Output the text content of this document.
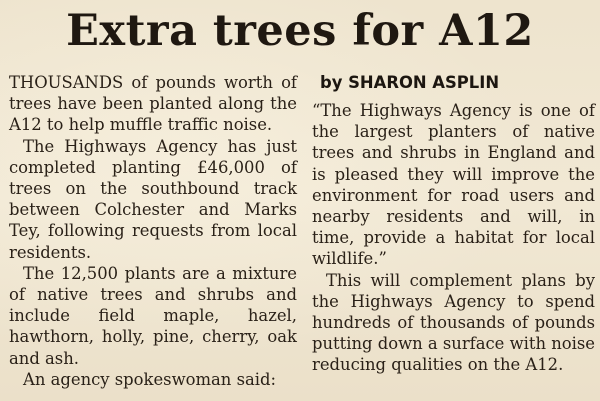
Extra trees for A12

THOUSANDS of pounds worth of trees have been planted along the A12 to help muffle traffic noise.

The Highways Agency has just completed planting £46,000 of trees on the southbound track between Colchester and Marks Tey, following requests from local residents.

The 12,500 plants are a mixture of native trees and shrubs and include field maple, hazel, hawthorn, holly, pine, cherry, oak and ash.

An agency spokeswoman said:

by SHARON ASPLIN

“The Highways Agency is one of the largest planters of native trees and shrubs in England and is pleased they will improve the environment for road users and nearby residents and will, in time, provide a habitat for local wildlife.”

This will complement plans by the Highways Agency to spend hundreds of thousands of pounds putting down a surface with noise reducing qualities on the A12.
